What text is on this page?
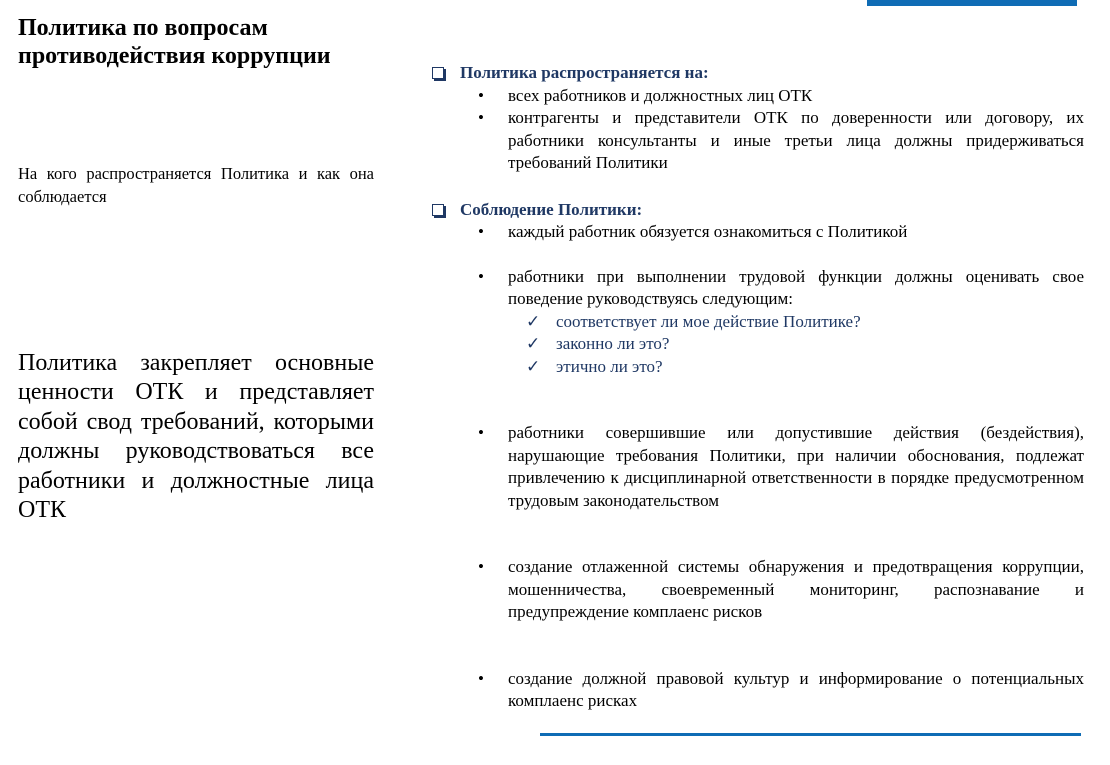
Политика по вопросам противодействия коррупции
На кого распространяется Политика и как она соблюдается
Политика закрепляет основные ценности ОТК и представляет собой свод требований, которыми должны руководствоваться все работники и должностные лица ОТК
Политика распространяется на:
• всех работников и должностных лиц ОТК
• контрагенты и представители ОТК по доверенности или договору, их работники консультанты и иные третьи лица должны придерживаться требований Политики
Соблюдение Политики:
• каждый работник обязуется ознакомиться с Политикой
• работники при выполнении трудовой функции должны оценивать свое поведение руководствуясь следующим:
✓ соответствует ли мое действие Политике?
✓ законно ли это?
✓ этично ли это?
• работники совершившие или допустившие действия (бездействия), нарушающие требования Политики, при наличии обоснования, подлежат привлечению к дисциплинарной ответственности в порядке предусмотренном трудовым законодательством
• создание отлаженной системы обнаружения и предотвращения коррупции, мошенничества, своевременный мониторинг, распознавание и предупреждение комплаенс рисков
• создание должной правовой культур и информирование о потенциальных комплаенс рисках
